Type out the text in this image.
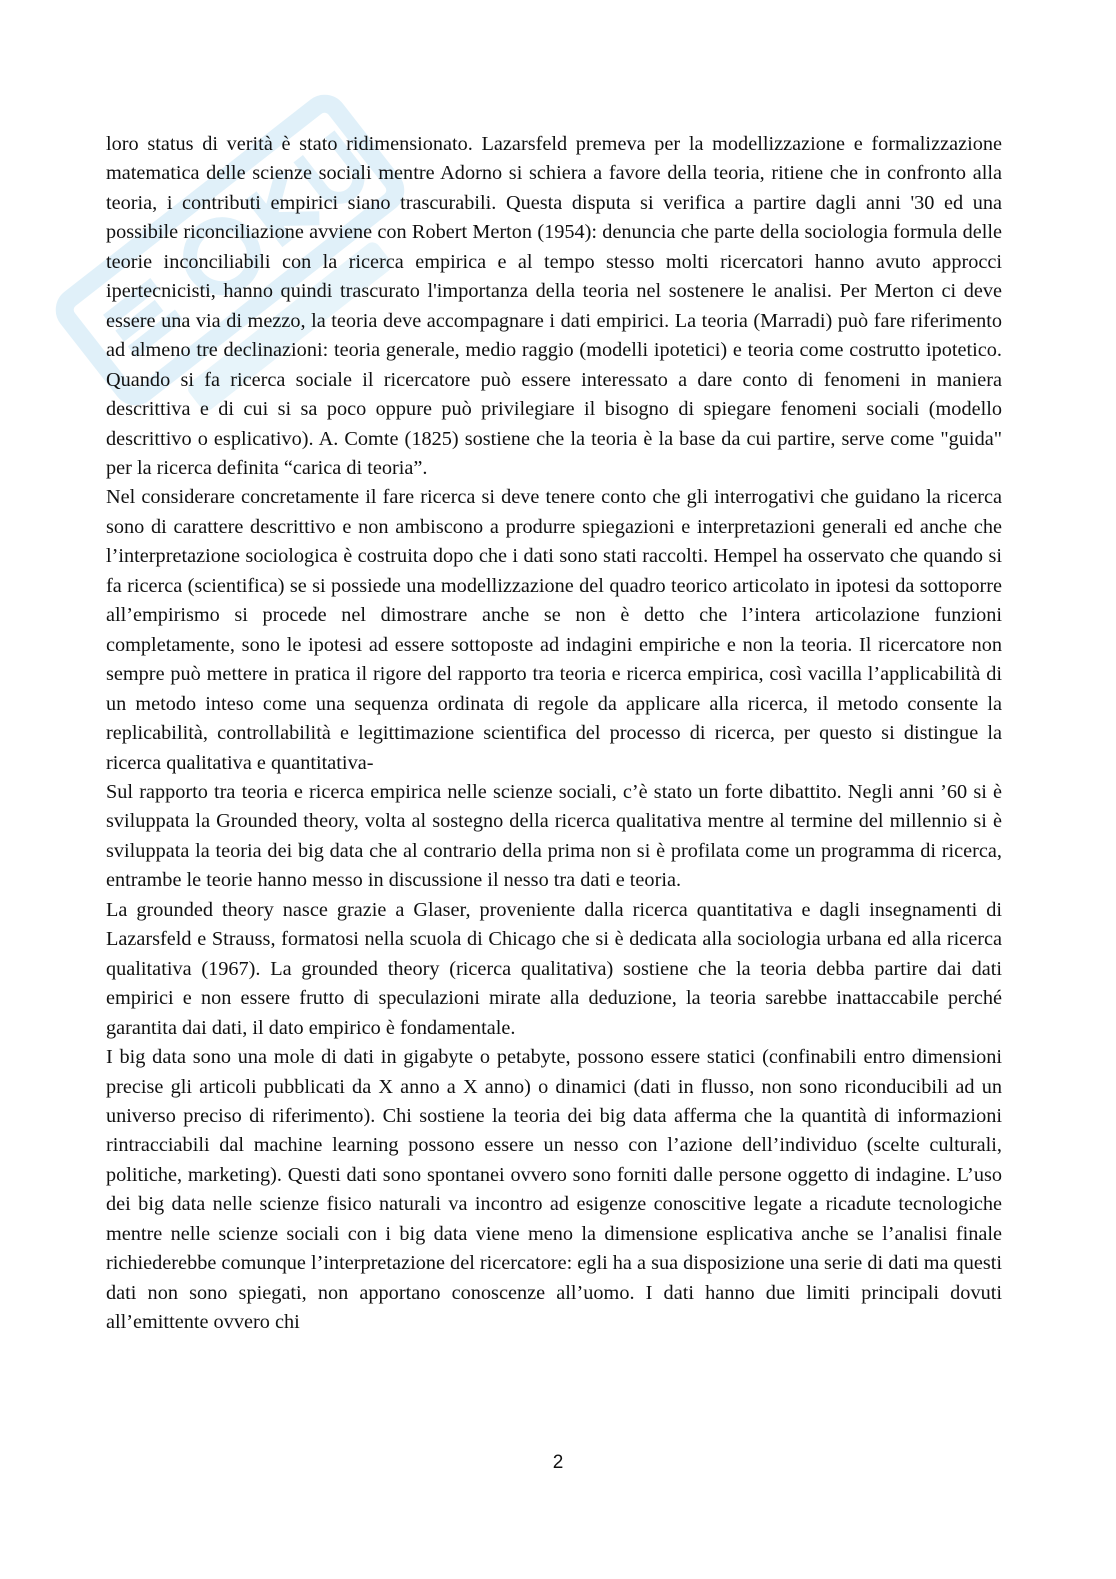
loro status di verità è stato ridimensionato. Lazarsfeld premeva per la modellizzazione e formalizzazione matematica delle scienze sociali mentre Adorno si schiera a favore della teoria, ritiene che in confronto alla teoria, i contributi empirici siano trascurabili. Questa disputa si verifica a partire dagli anni '30 ed una possibile riconciliazione avviene con Robert Merton (1954): denuncia che parte della sociologia formula delle teorie inconciliabili con la ricerca empirica e al tempo stesso molti ricercatori hanno avuto approcci ipertecnicisti, hanno quindi trascurato l'importanza della teoria nel sostenere le analisi. Per Merton ci deve essere una via di mezzo, la teoria deve accompagnare i dati empirici. La teoria (Marradi) può fare riferimento ad almeno tre declinazioni: teoria generale, medio raggio (modelli ipotetici) e teoria come costrutto ipotetico. Quando si fa ricerca sociale il ricercatore può essere interessato a dare conto di fenomeni in maniera descrittiva e di cui si sa poco oppure può privilegiare il bisogno di spiegare fenomeni sociali (modello descrittivo o esplicativo). A. Comte (1825) sostiene che la teoria è la base da cui partire, serve come "guida" per la ricerca definita “carica di teoria”.

Nel considerare concretamente il fare ricerca si deve tenere conto che gli interrogativi che guidano la ricerca sono di carattere descrittivo e non ambiscono a produrre spiegazioni e interpretazioni generali ed anche che l’interpretazione sociologica è costruita dopo che i dati sono stati raccolti. Hempel ha osservato che quando si fa ricerca (scientifica) se si possiede una modellizzazione del quadro teorico articolato in ipotesi da sottoporre all’empirismo si procede nel dimostrare anche se non è detto che l’intera articolazione funzioni completamente, sono le ipotesi ad essere sottoposte ad indagini empiriche e non la teoria. Il ricercatore non sempre può mettere in pratica il rigore del rapporto tra teoria e ricerca empirica, così vacilla l’applicabilità di un metodo inteso come una sequenza ordinata di regole da applicare alla ricerca, il metodo consente la replicabilità, controllabilità e legittimazione scientifica del processo di ricerca, per questo si distingue la ricerca qualitativa e quantitativa-

Sul rapporto tra teoria e ricerca empirica nelle scienze sociali, c’è stato un forte dibattito. Negli anni ’60 si è sviluppata la Grounded theory, volta al sostegno della ricerca qualitativa mentre al termine del millennio si è sviluppata la teoria dei big data che al contrario della prima non si è profilata come un programma di ricerca, entrambe le teorie hanno messo in discussione il nesso tra dati e teoria.

La grounded theory nasce grazie a Glaser, proveniente dalla ricerca quantitativa e dagli insegnamenti di Lazarsfeld e Strauss, formatosi nella scuola di Chicago che si è dedicata alla sociologia urbana ed alla ricerca qualitativa (1967). La grounded theory (ricerca qualitativa) sostiene che la teoria debba partire dai dati empirici e non essere frutto di speculazioni mirate alla deduzione, la teoria sarebbe inattaccabile perché garantita dai dati, il dato empirico è fondamentale.

I big data sono una mole di dati in gigabyte o petabyte, possono essere statici (confinabili entro dimensioni precise gli articoli pubblicati da X anno a X anno) o dinamici (dati in flusso, non sono riconducibili ad un universo preciso di riferimento). Chi sostiene la teoria dei big data afferma che la quantità di informazioni rintracciabili dal machine learning possono essere un nesso con l’azione dell’individuo (scelte culturali, politiche, marketing). Questi dati sono spontanei ovvero sono forniti dalle persone oggetto di indagine. L’uso dei big data nelle scienze fisico naturali va incontro ad esigenze conoscitive legate a ricadute tecnologiche mentre nelle scienze sociali con i big data viene meno la dimensione esplicativa anche se l’analisi finale richiederebbe comunque l’interpretazione del ricercatore: egli ha a sua disposizione una serie di dati ma questi dati non sono spiegati, non apportano conoscenze all’uomo. I dati hanno due limiti principali dovuti all’emittente ovvero chi

2
